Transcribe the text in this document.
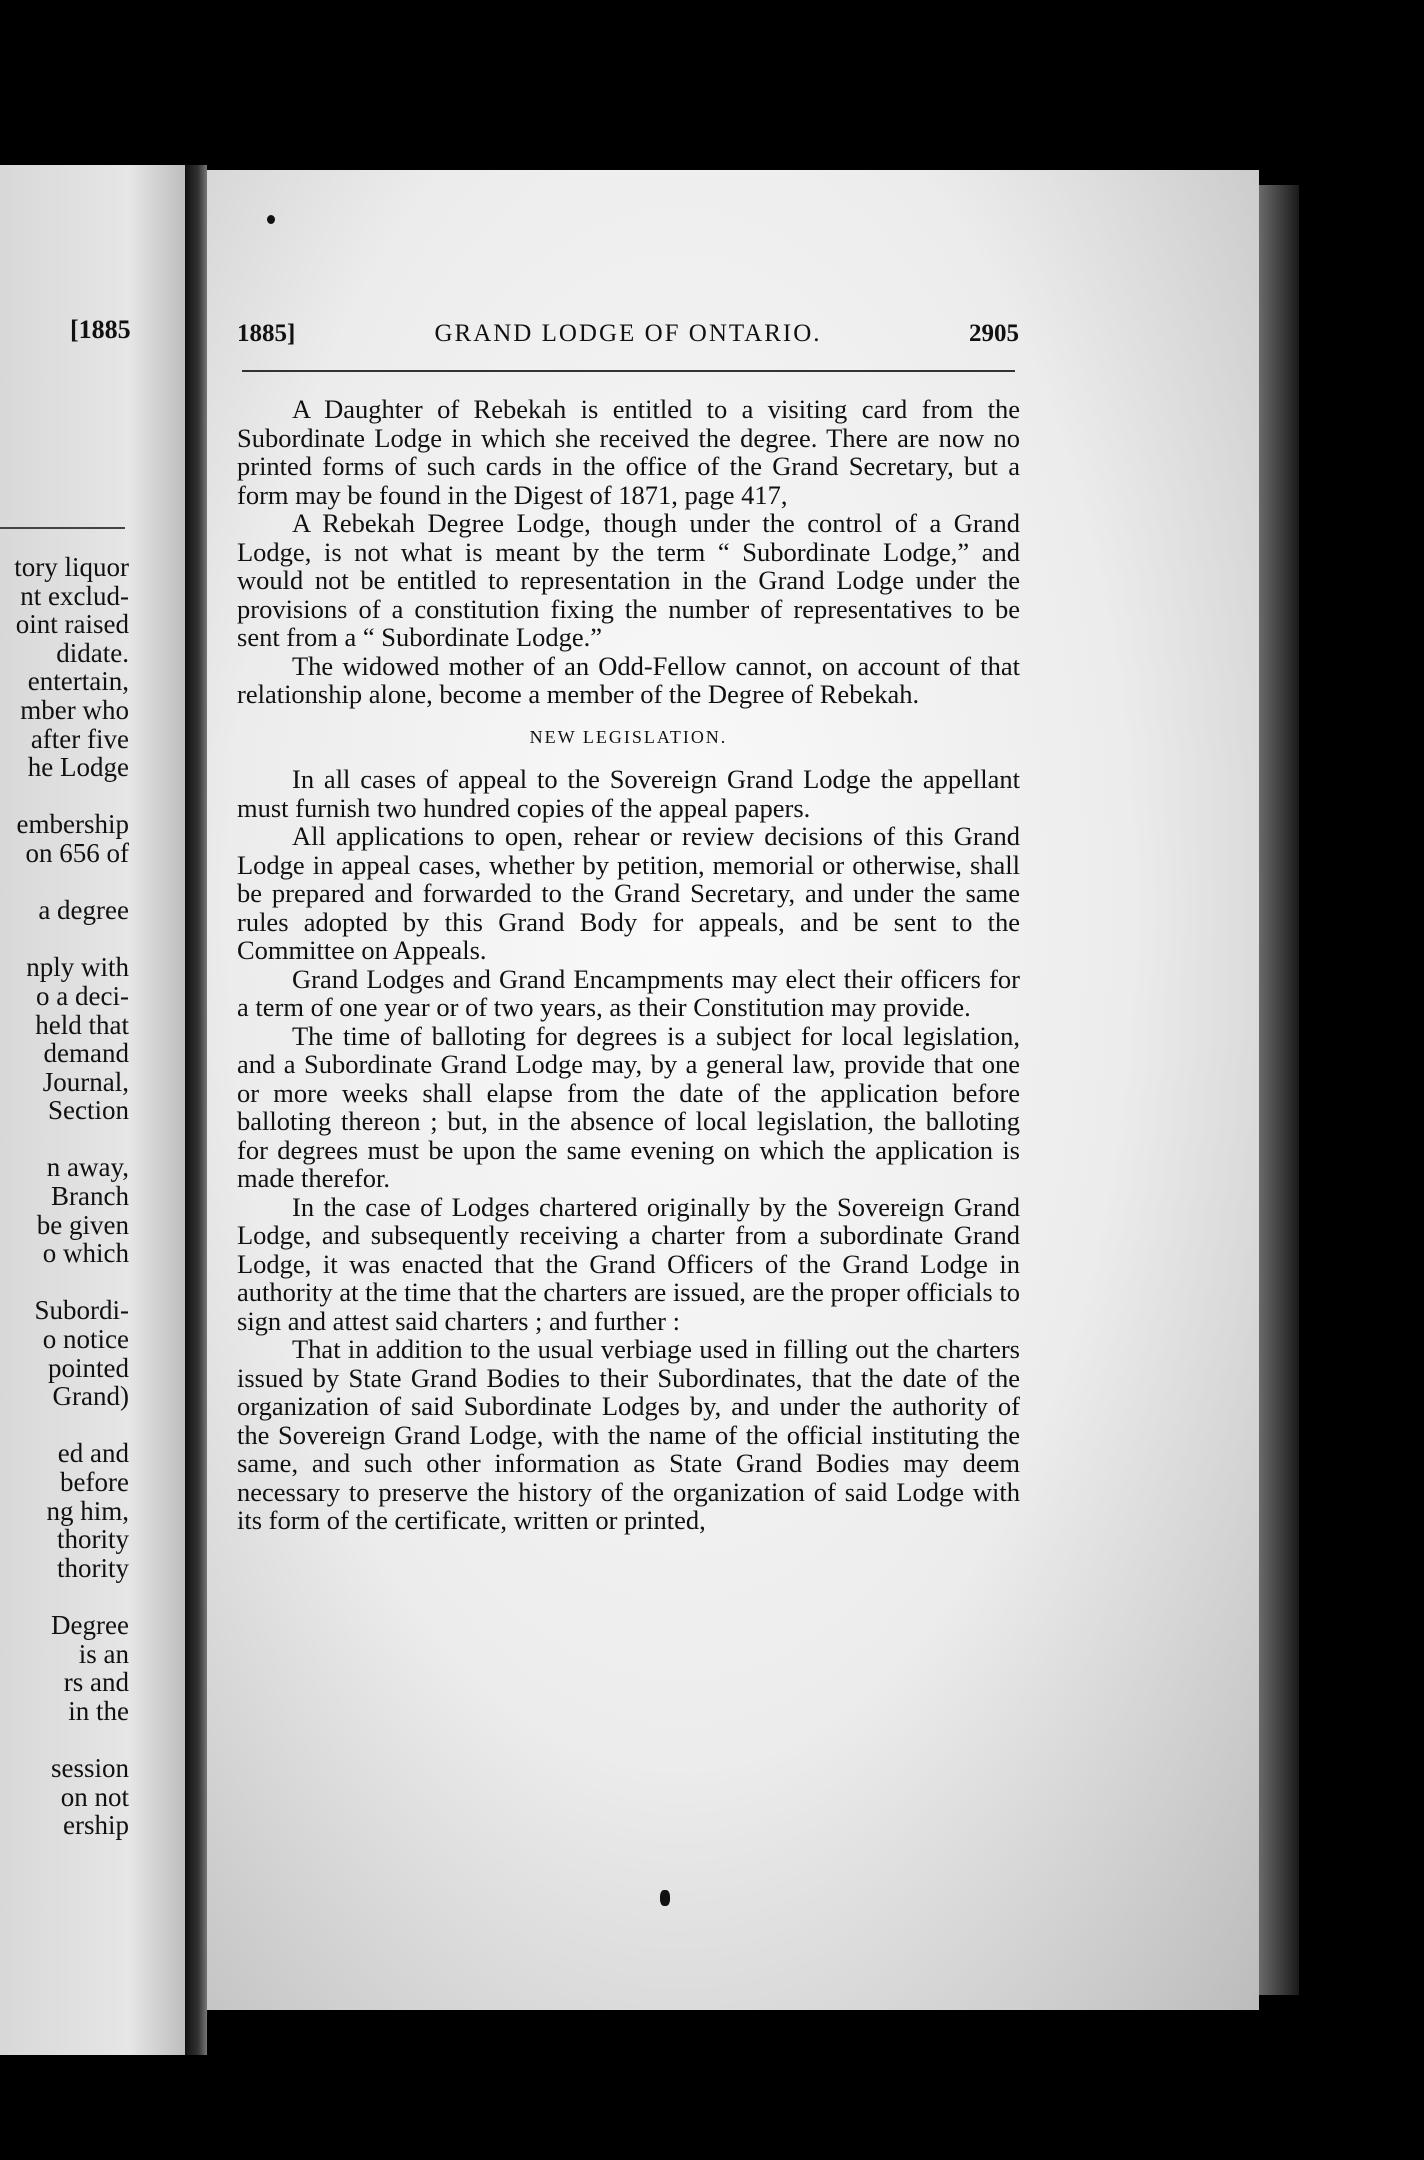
[1885
tory liquor
nt exclud-
oint raised
didate.
entertain,
mber who
after five
he Lodge
embership
on 656 of
a degree
nply with
o a deci-
held that
demand
Journal,
Section
n away,
Branch
be given
o which
Subordi-
o notice
pointed
Grand)
ed and
before
ng him,
thority
thority
Degree
is an
rs and
in the
session
on not
ership
1885]	GRAND LODGE OF ONTARIO.	2905

A Daughter of Rebekah is entitled to a visiting card from the Subordinate Lodge in which she received the degree. There are now no printed forms of such cards in the office of the Grand Secretary, but a form may be found in the Digest of 1871, page 417,

A Rebekah Degree Lodge, though under the control of a Grand Lodge, is not what is meant by the term “ Subordinate Lodge,” and would not be entitled to representation in the Grand Lodge under the provisions of a constitution fixing the number of representatives to be sent from a “ Subordinate Lodge.”

The widowed mother of an Odd-Fellow cannot, on account of that relationship alone, become a member of the Degree of Rebekah.

NEW LEGISLATION.

In all cases of appeal to the Sovereign Grand Lodge the appellant must furnish two hundred copies of the appeal papers.

All applications to open, rehear or review decisions of this Grand Lodge in appeal cases, whether by petition, memorial or otherwise, shall be prepared and forwarded to the Grand Secretary, and under the same rules adopted by this Grand Body for appeals, and be sent to the Committee on Appeals.

Grand Lodges and Grand Encampments may elect their officers for a term of one year or of two years, as their Constitution may provide.

The time of balloting for degrees is a subject for local legislation, and a Subordinate Grand Lodge may, by a general law, provide that one or more weeks shall elapse from the date of the application before balloting thereon ; but, in the absence of local legislation, the balloting for degrees must be upon the same evening on which the application is made therefor.

In the case of Lodges chartered originally by the Sovereign Grand Lodge, and subsequently receiving a charter from a subordinate Grand Lodge, it was enacted that the Grand Officers of the Grand Lodge in authority at the time that the charters are issued, are the proper officials to sign and attest said charters ; and further :

That in addition to the usual verbiage used in filling out the charters issued by State Grand Bodies to their Subordinates, that the date of the organization of said Subordinate Lodges by, and under the authority of the Sovereign Grand Lodge, with the name of the official instituting the same, and such other information as State Grand Bodies may deem necessary to preserve the history of the organization of said Lodge with its form of the certificate, written or printed,
